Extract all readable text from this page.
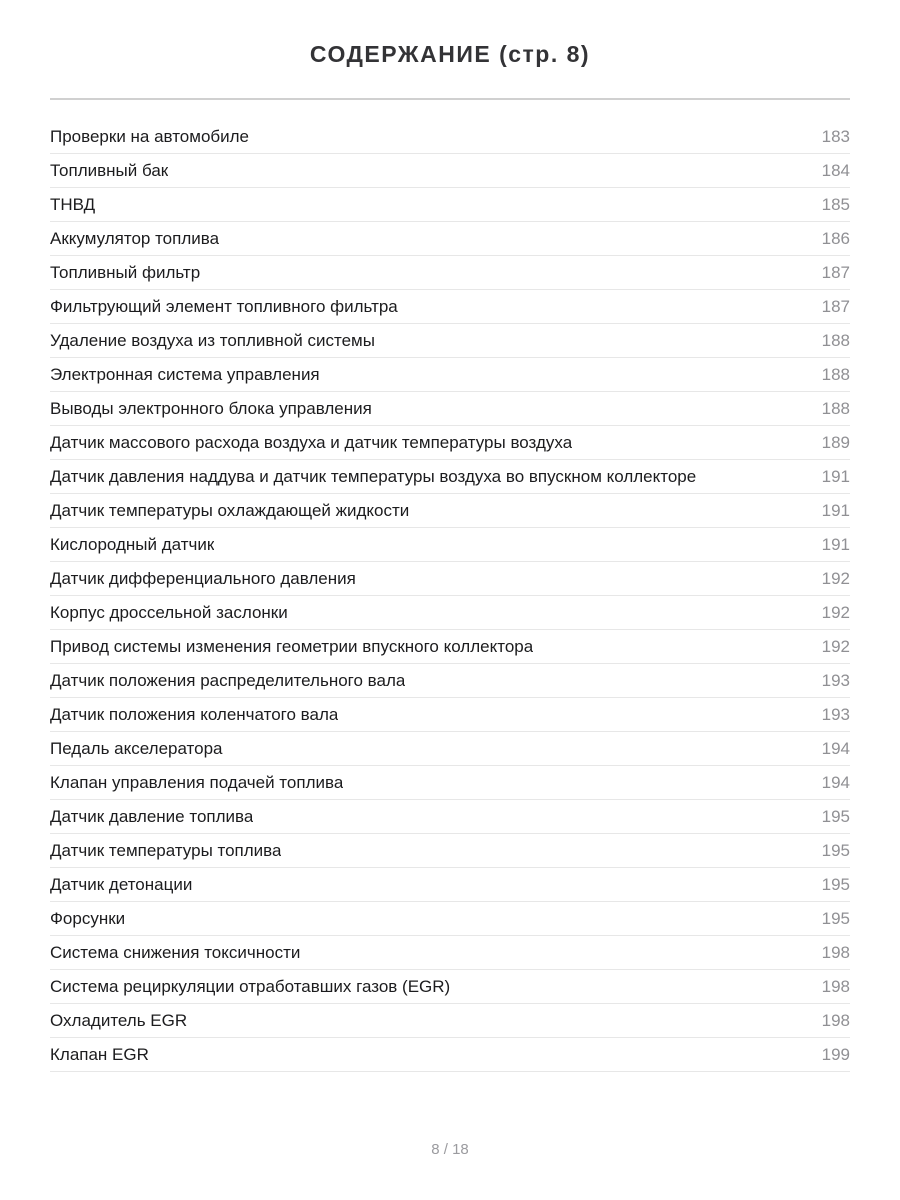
СОДЕРЖАНИЕ (стр. 8)
Проверки на автомобиле	183
Топливный бак	184
ТНВД	185
Аккумулятор топлива	186
Топливный фильтр	187
Фильтрующий элемент топливного фильтра	187
Удаление воздуха из топливной системы	188
Электронная система управления	188
Выводы электронного блока управления	188
Датчик массового расхода воздуха и датчик температуры воздуха	189
Датчик давления наддува и датчик температуры воздуха во впускном коллекторе	191
Датчик температуры охлаждающей жидкости	191
Кислородный датчик	191
Датчик дифференциального давления	192
Корпус дроссельной заслонки	192
Привод системы изменения геометрии впускного коллектора	192
Датчик положения распределительного вала	193
Датчик положения коленчатого вала	193
Педаль акселератора	194
Клапан управления подачей топлива	194
Датчик давление топлива	195
Датчик температуры топлива	195
Датчик детонации	195
Форсунки	195
Система снижения токсичности	198
Система рециркуляции отработавших газов (EGR)	198
Охладитель EGR	198
Клапан EGR	199
8 / 18
